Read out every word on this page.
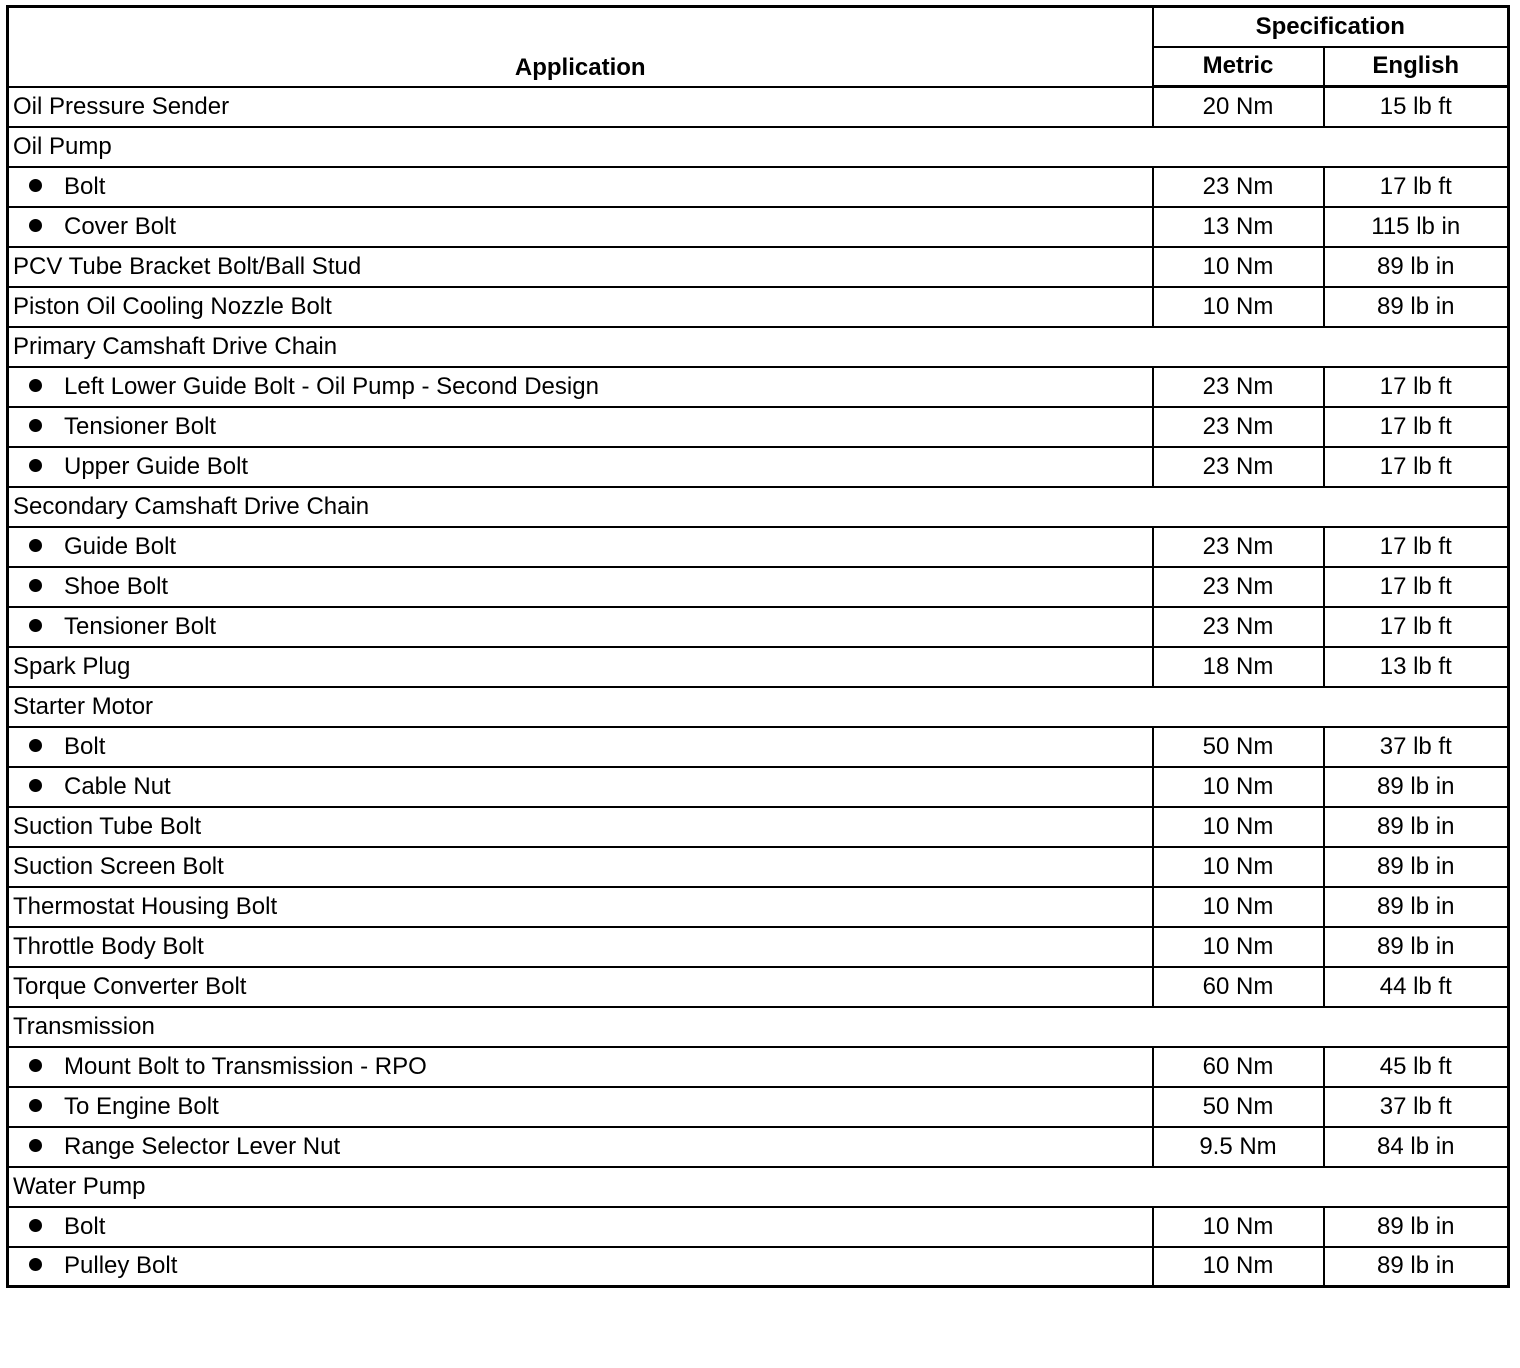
Application	Specification	
	Metric	English
Oil Pressure Sender	20 Nm	15 lb ft
Oil Pump		
Bolt	23 Nm	17 lb ft
Cover Bolt	13 Nm	115 lb in
PCV Tube Bracket Bolt/Ball Stud	10 Nm	89 lb in
Piston Oil Cooling Nozzle Bolt	10 Nm	89 lb in
Primary Camshaft Drive Chain		
Left Lower Guide Bolt - Oil Pump - Second Design	23 Nm	17 lb ft
Tensioner Bolt	23 Nm	17 lb ft
Upper Guide Bolt	23 Nm	17 lb ft
Secondary Camshaft Drive Chain		
Guide Bolt	23 Nm	17 lb ft
Shoe Bolt	23 Nm	17 lb ft
Tensioner Bolt	23 Nm	17 lb ft
Spark Plug	18 Nm	13 lb ft
Starter Motor		
Bolt	50 Nm	37 lb ft
Cable Nut	10 Nm	89 lb in
Suction Tube Bolt	10 Nm	89 lb in
Suction Screen Bolt	10 Nm	89 lb in
Thermostat Housing Bolt	10 Nm	89 lb in
Throttle Body Bolt	10 Nm	89 lb in
Torque Converter Bolt	60 Nm	44 lb ft
Transmission		
Mount Bolt to Transmission - RPO	60 Nm	45 lb ft
To Engine Bolt	50 Nm	37 lb ft
Range Selector Lever Nut	9.5 Nm	84 lb in
Water Pump		
Bolt	10 Nm	89 lb in
Pulley Bolt	10 Nm	89 lb in
